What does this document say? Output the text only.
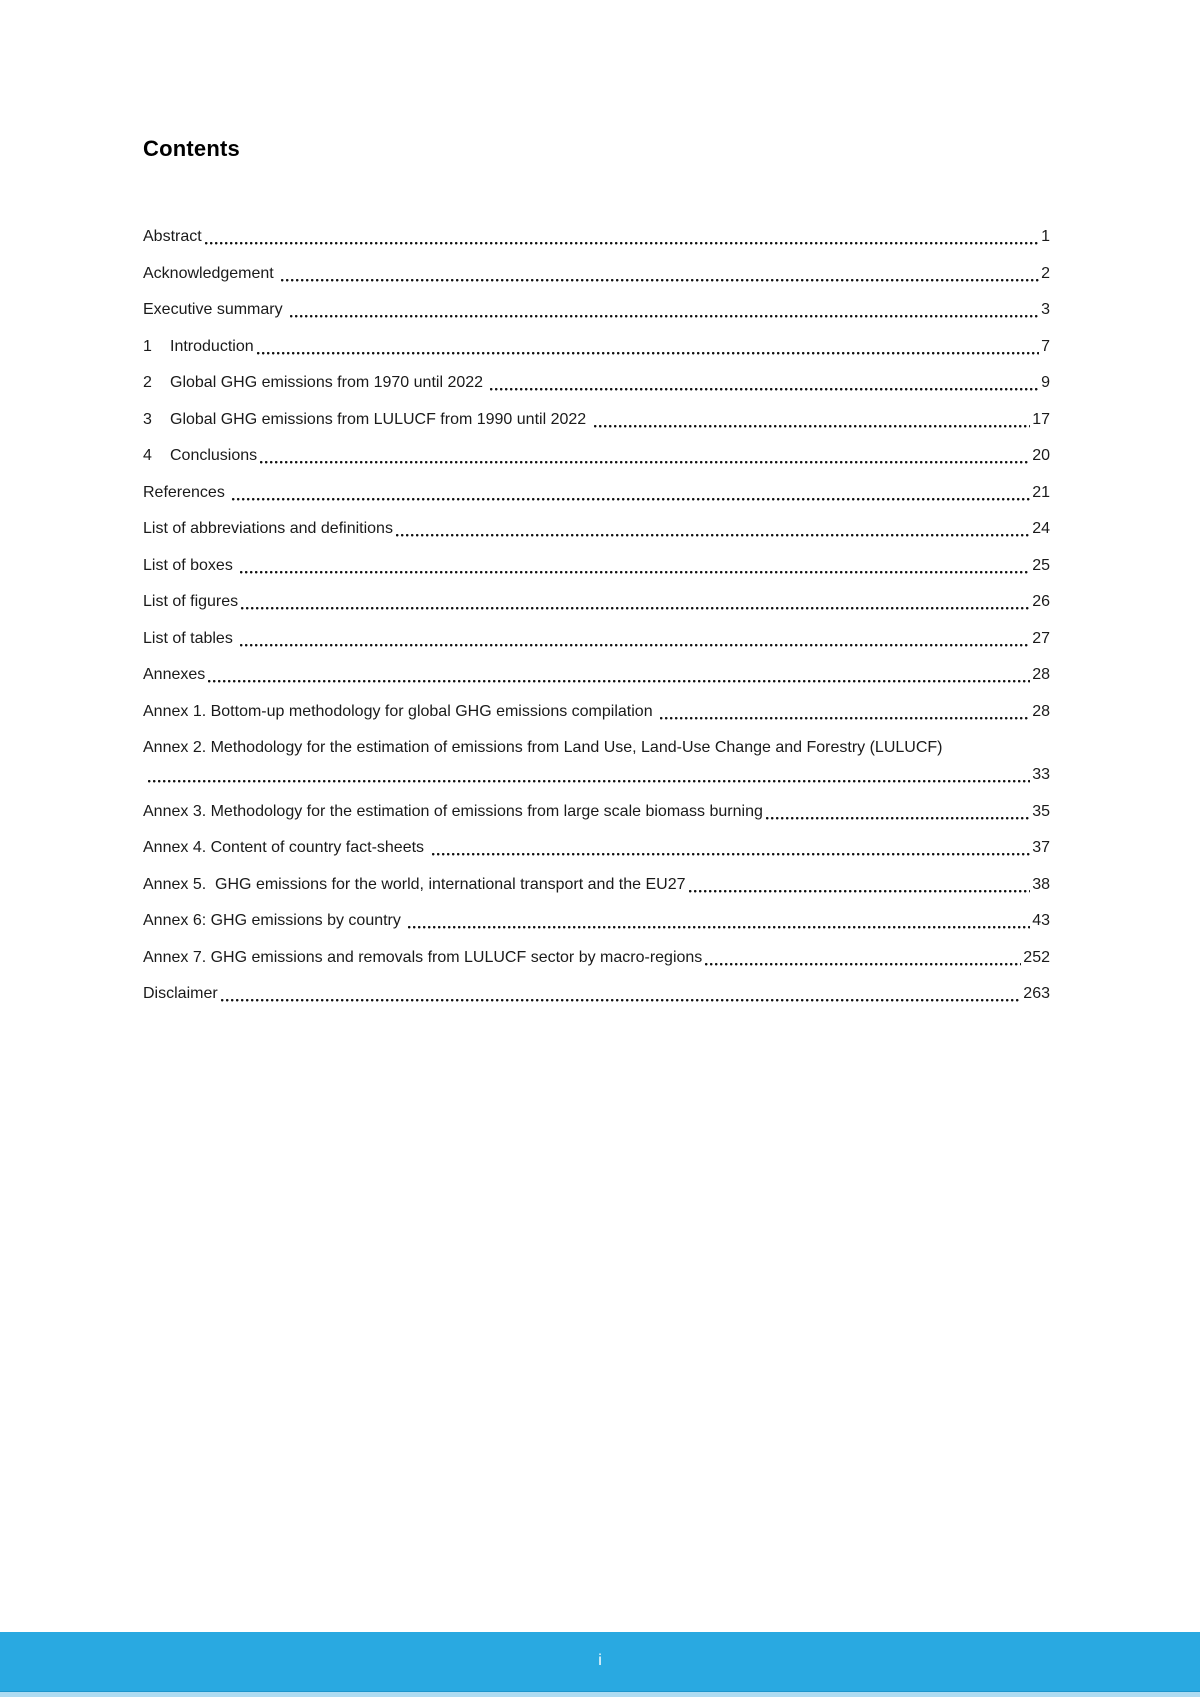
Contents
Abstract	1
Acknowledgement	2
Executive summary	3
1	Introduction	7
2	Global GHG emissions from 1970 until 2022	9
3	Global GHG emissions from LULUCF from 1990 until 2022	17
4	Conclusions	20
References	21
List of abbreviations and definitions	24
List of boxes	25
List of figures	26
List of tables	27
Annexes	28
Annex 1. Bottom-up methodology for global GHG emissions compilation	28
Annex 2. Methodology for the estimation of emissions from Land Use, Land-Use Change and Forestry (LULUCF)
33
Annex 3. Methodology for the estimation of emissions from large scale biomass burning	35
Annex 4. Content of country fact-sheets	37
Annex 5.  GHG emissions for the world, international transport and the EU27	38
Annex 6: GHG emissions by country	43
Annex 7. GHG emissions and removals from LULUCF sector by macro-regions	252
Disclaimer	263
i
